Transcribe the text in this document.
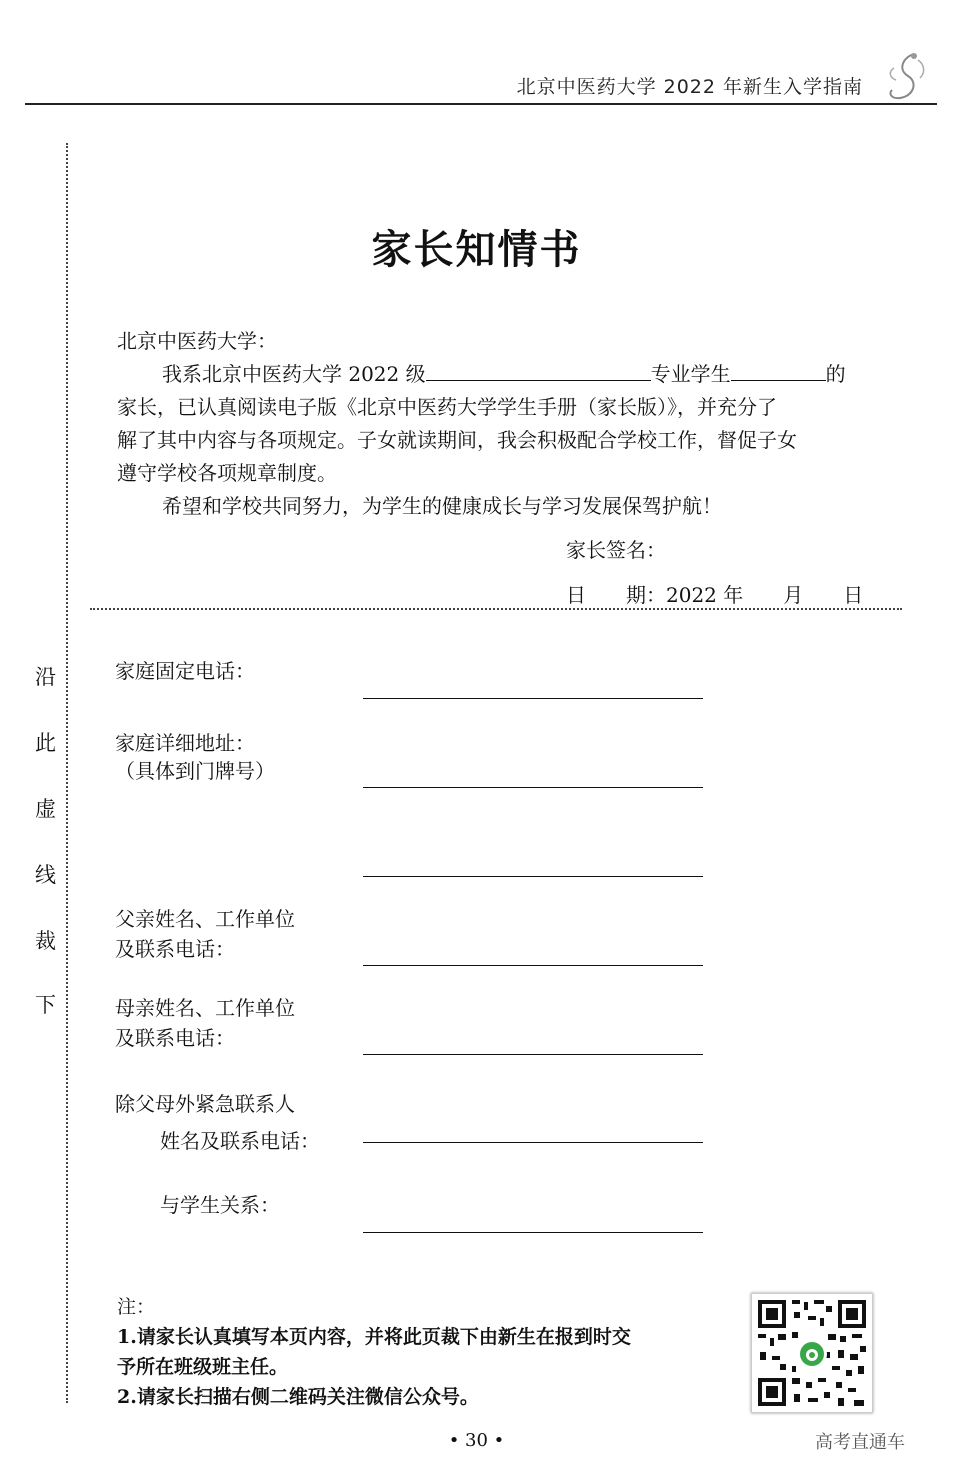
北京中医药大学 2022 年新生入学指南
沿
此
虚
线
裁
下
家长知情书
北京中医药大学：
我系北京中医药大学 2022 级	专业学生	的
家长，已认真阅读电子版《北京中医药大学学生手册（家长版）》，并充分了
解了其中内容与各项规定。子女就读期间，我会积极配合学校工作，督促子女
遵守学校各项规章制度。
希望和学校共同努力，为学生的健康成长与学习发展保驾护航！
家长签名：
日　　期：2022 年　　月　　日
家庭固定电话：
家庭详细地址：
（具体到门牌号）
父亲姓名、工作单位
及联系电话：
母亲姓名、工作单位
及联系电话：
除父母外紧急联系人
姓名及联系电话：
与学生关系：
注：
1.请家长认真填写本页内容，并将此页裁下由新生在报到时交
予所在班级班主任。
2.请家长扫描右侧二维码关注微信公众号。
• 30 •	高考直通车
